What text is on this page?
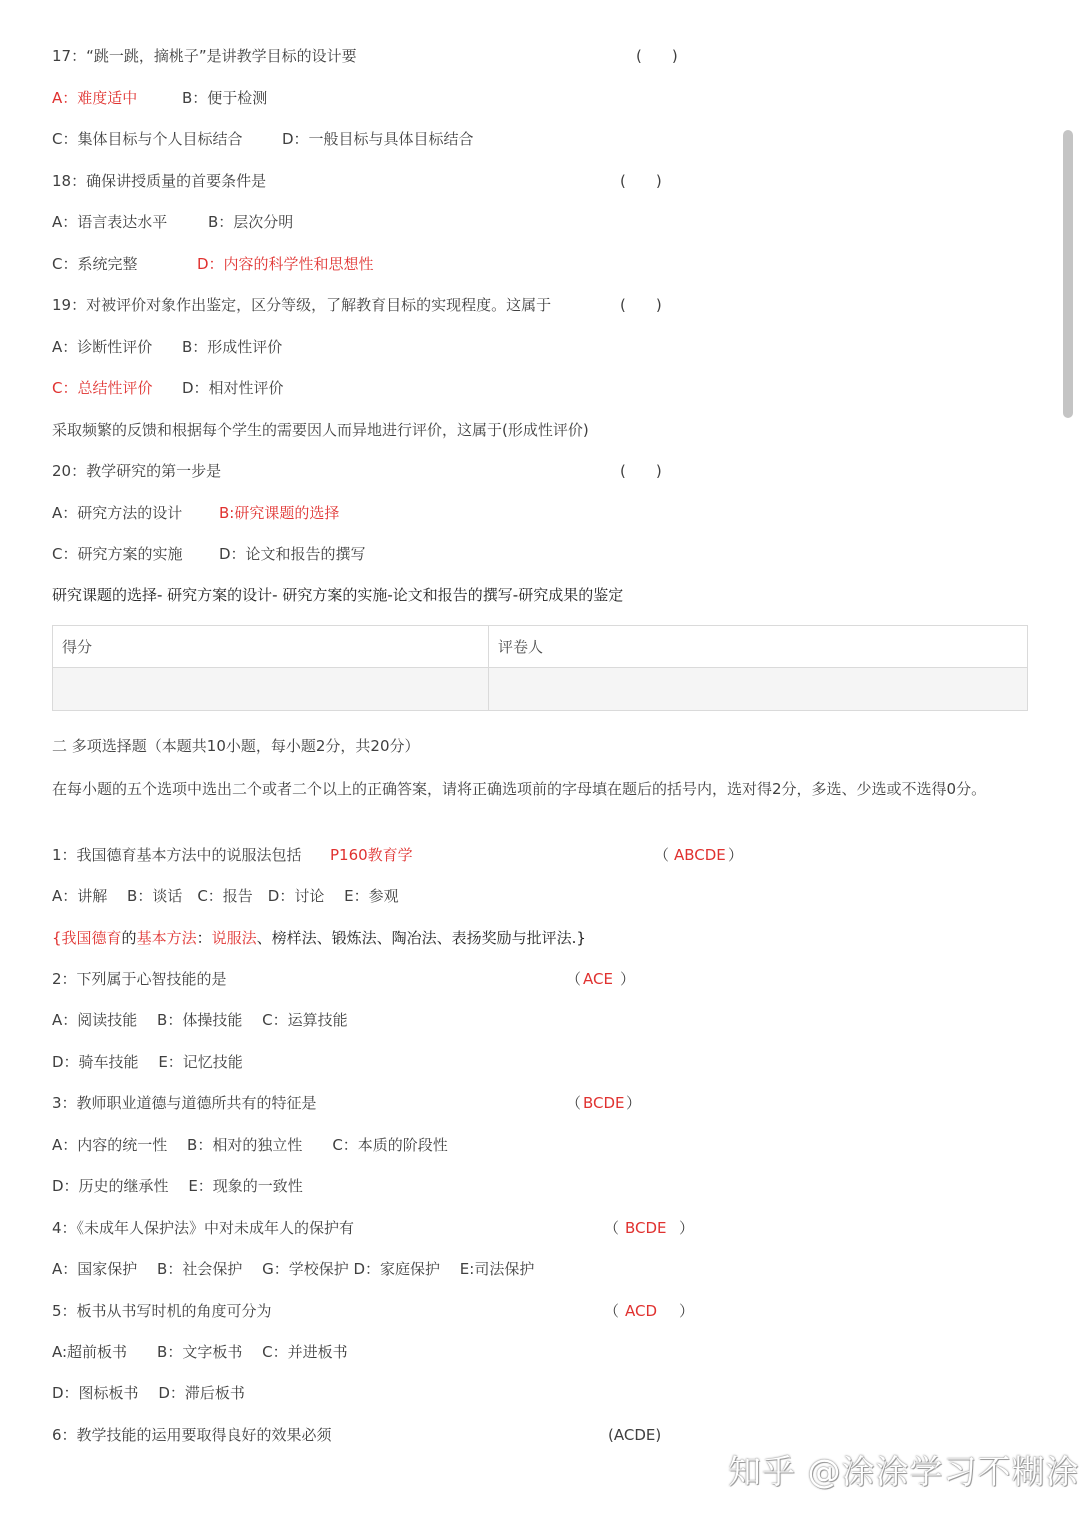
17：“跳一跳，摘桃子”是讲教学目标的设计要	(　　)
A：难度适中	B：便于检测
C：集体目标与个人目标结合	D：一般目标与具体目标结合
18：确保讲授质量的首要条件是	(　　)
A：语言表达水平	B：层次分明
C：系统完整	D：内容的科学性和思想性
19：对被评价对象作出鉴定，区分等级，了解教育目标的实现程度。这属于	(　　)
A：诊断性评价 B：形成性评价
C：总结性评价 D：相对性评价
采取频繁的反馈和根据每个学生的需要因人而异地进行评价，这属于(形成性评价)
20：教学研究的第一步是	(　　)
A：研究方法的设计 B:研究课题的选择
C：研究方案的实施 D：论文和报告的撰写
研究课题的选择- 研究方案的设计- 研究方案的实施-论文和报告的撰写-研究成果的鉴定
得分	评卷人
二 多项选择题（本题共10小题，每小题2分，共20分）
在每小题的五个选项中选出二个或者二个以上的正确答案，请将正确选项前的字母填在题后的括号内，选对得2分，多选、少选或不选得0分。
1：我国德育基本方法中的说服法包括 P160教育学	（ ABCDE ）
A：讲解　 B：谈话　C：报告　D：讨论　 E：参观
{我国德育的基本方法：说服法、榜样法、锻炼法、陶冶法、表扬奖励与批评法.}
2：下列属于心智技能的是	（ ACE ）
A：阅读技能　 B：体操技能　 C：运算技能
D：骑车技能　 E：记忆技能
3：教师职业道德与道德所共有的特征是	（ BCDE ）
A：内容的统一性　 B：相对的独立性　　C：本质的阶段性
D：历史的继承性　 E：现象的一致性
4：《未成年人保护法》中对未成年人的保护有	（ BCDE ）
A：国家保护　 B：社会保护　 G：学校保护 D：家庭保护　 E:司法保护
5：板书从书写时机的角度可分为	（ ACD ）
A:超前板书　　B：文字板书　 C：并进板书
D：图标板书　 D：滞后板书
6：教学技能的运用要取得良好的效果必须	(ACDE)
知乎 @涂涂学习不糊涂
